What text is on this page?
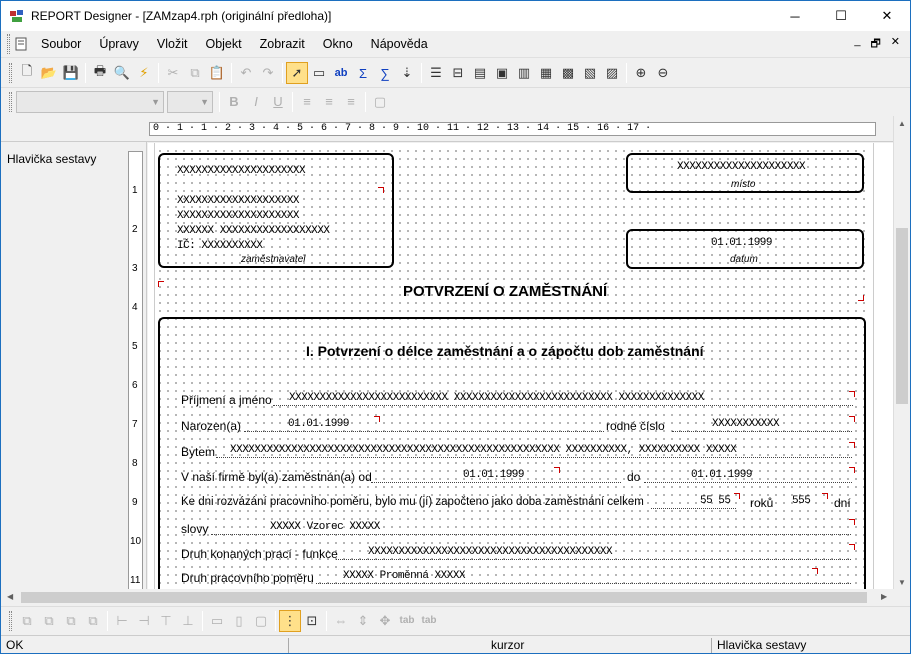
REPORT Designer - [ZAMzap4.rph (originální předloha)]	─	☐	✕
Soubor	Úpravy	Vložit	Objekt	Zobrazit	Okno	Nápověda	_ 🗗 ✕
🗋 📂 💾	🖶 🔍 ⚡	✂ ⧉ 📋	↶ ↷	➚ ▭ ab Σ	∑ ⇣	☰ ⊟ ▤ ▣ ▥ ▦ ▩ ▧ ▨	⊕ ⊖
▼	▼	B	I	U	≡	≡	≡	▢
0 · 1 · 1 · 2 · 3 · 4 · 5 · 6 · 7 · 8 · 9 · 10 · 11 · 12 · 13 · 14 · 15 · 16 · 17 ·
Hlavička sestavy
1
2
3
4
5
6
7
8
9
10
11
XXXXXXXXXXXXXXXXXXXXX
XXXXXXXXXXXXXXXXXXXX
XXXXXXXXXXXXXXXXXXXX
XXXXXX XXXXXXXXXXXXXXXXXX
IČ: XXXXXXXXXX
zaměstnavatel
XXXXXXXXXXXXXXXXXXXXX
místo
01.01.1999
datum
POTVRZENÍ O ZAMĚSTNÁNÍ
I. Potvrzení o délce zaměstnání a o zápočtu dob zaměstnání
Příjmení a jméno XXXXXXXXXXXXXXXXXXXXXXXXXX XXXXXXXXXXXXXXXXXXXXXXXXXX XXXXXXXXXXXXXX
Narozen(a)	01.01.1999	rodné číslo	XXXXXXXXXXX
Bytem XXXXXXXXXXXXXXXXXXXXXXXXXXXXXXXXXXXXXXXXXXXXXXXXXXXXXX XXXXXXXXXX, XXXXXXXXXX XXXXX
V naší firmě byl(a) zaměstnán(a) od	01.01.1999	do	01.01.1999
Ke dni rozvázání pracovního poměru, bylo mu (jí) započteno jako doba zaměstnání celkem	55 55 roků 555 dní
slovy	XXXXX Vzorec XXXXX
Druh konaných prací - funkce	XXXXXXXXXXXXXXXXXXXXXXXXXXXXXXXXXXXXXXXX
Druh pracovního poměru	XXXXX Proměnná XXXXX
▲
▼
◀	▶
⧉ ⧉ ⧉ ⧉	⊢ ⊣ ⊤ ⊥	▭ ▯ ▢	⋮ ⊡	⇔ ⇕ ✥ tab tab
OK	kurzor	Hlavička sestavy
